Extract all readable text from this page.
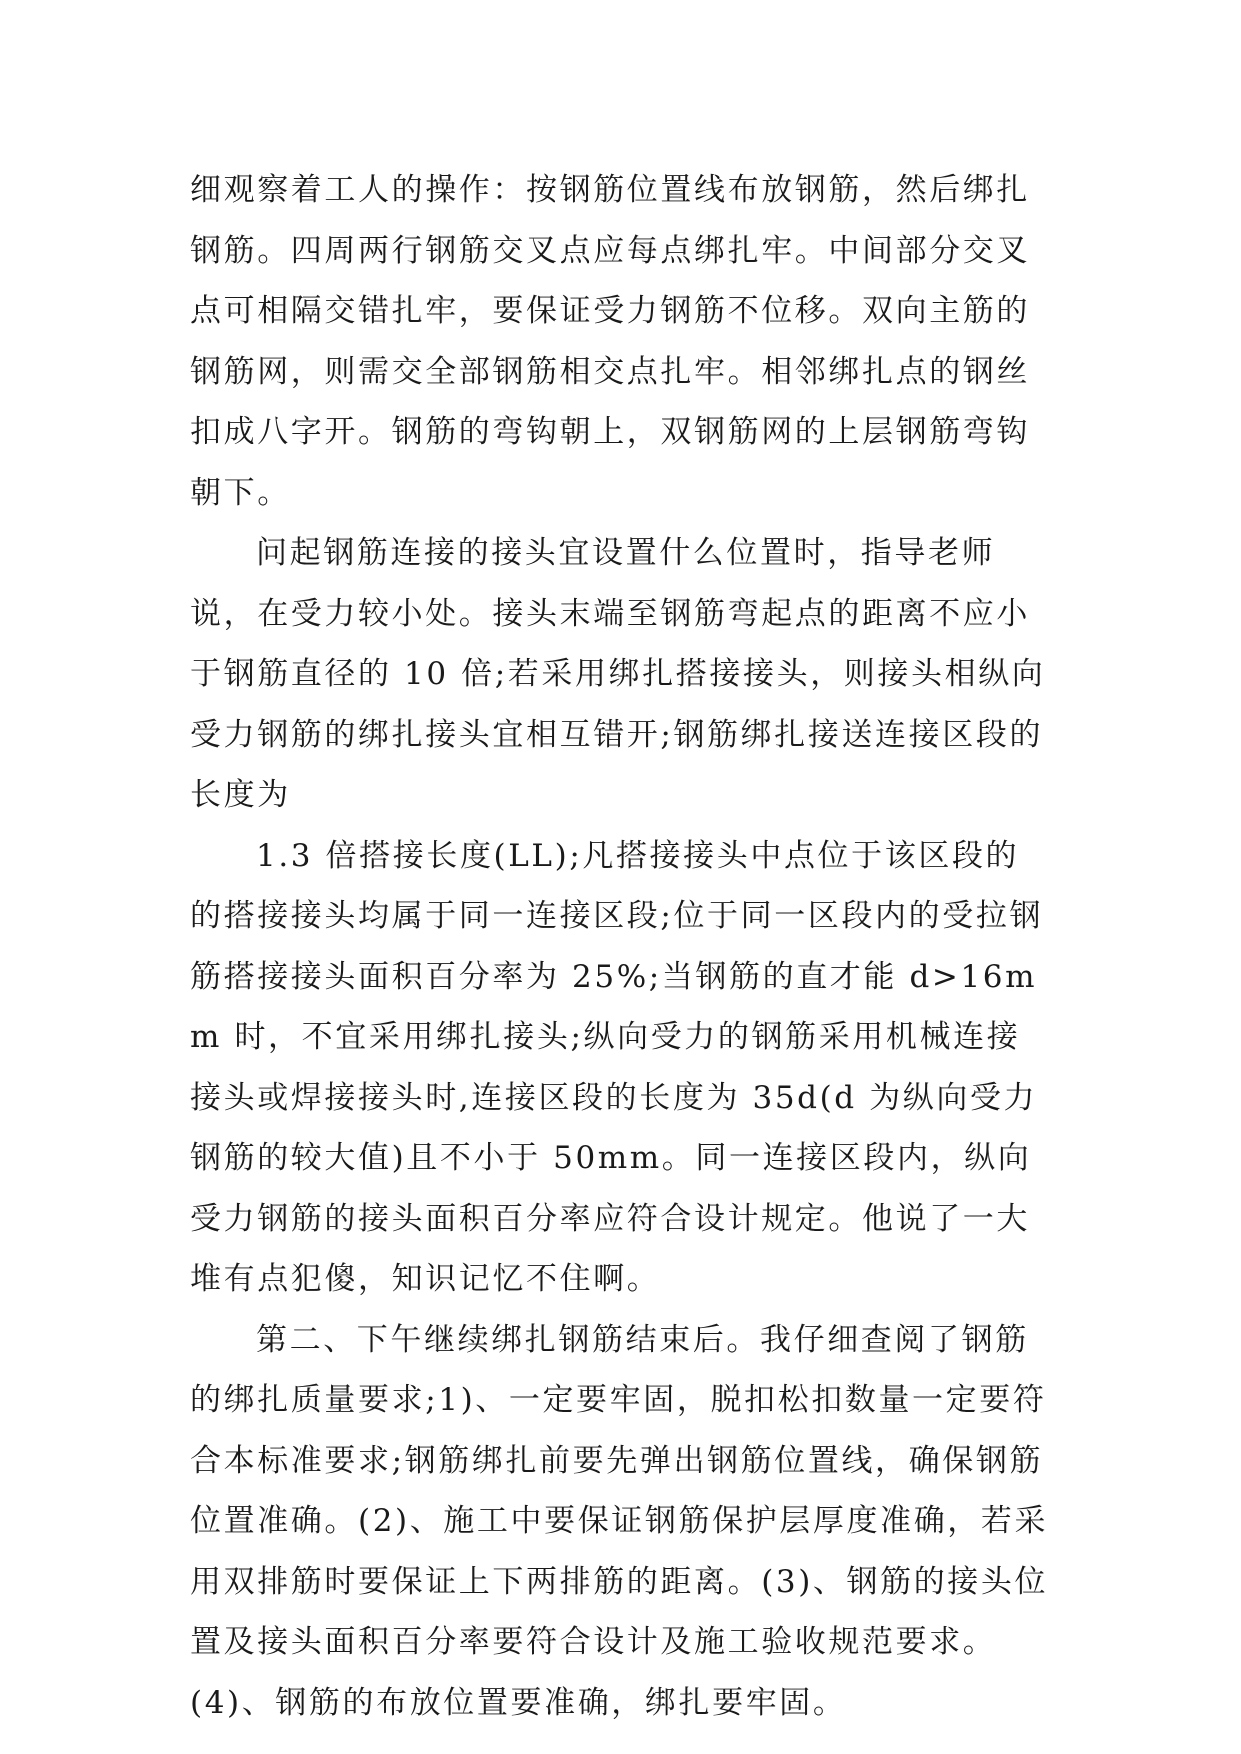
细观察着工人的操作：按钢筋位置线布放钢筋，然后绑扎钢筋。四周两行钢筋交叉点应每点绑扎牢。中间部分交叉点可相隔交错扎牢，要保证受力钢筋不位移。双向主筋的钢筋网，则需交全部钢筋相交点扎牢。相邻绑扎点的钢丝扣成八字开。钢筋的弯钩朝上，双钢筋网的上层钢筋弯钩朝下。

问起钢筋连接的接头宜设置什么位置时，指导老师说，在受力较小处。接头末端至钢筋弯起点的距离不应小于钢筋直径的 10 倍;若采用绑扎搭接接头，则接头相纵向受力钢筋的绑扎接头宜相互错开;钢筋绑扎接送连接区段的长度为

1.3 倍搭接长度(LL);凡搭接接头中点位于该区段的的搭接接头均属于同一连接区段;位于同一区段内的受拉钢筋搭接接头面积百分率为 25%;当钢筋的直才能 d>16mm 时，不宜采用绑扎接头;纵向受力的钢筋采用机械连接接头或焊接接头时,连接区段的长度为 35d(d 为纵向受力钢筋的较大值)且不小于 50mm。同一连接区段内，纵向受力钢筋的接头面积百分率应符合设计规定。他说了一大堆有点犯傻，知识记忆不住啊。

第二、下午继续绑扎钢筋结束后。我仔细查阅了钢筋的绑扎质量要求;1)、一定要牢固，脱扣松扣数量一定要符合本标准要求;钢筋绑扎前要先弹出钢筋位置线，确保钢筋位置准确。(2)、施工中要保证钢筋保护层厚度准确，若采用双排筋时要保证上下两排筋的距离。(3)、钢筋的接头位置及接头面积百分率要符合设计及施工验收规范要求。(4)、钢筋的布放位置要准确，绑扎要牢固。
